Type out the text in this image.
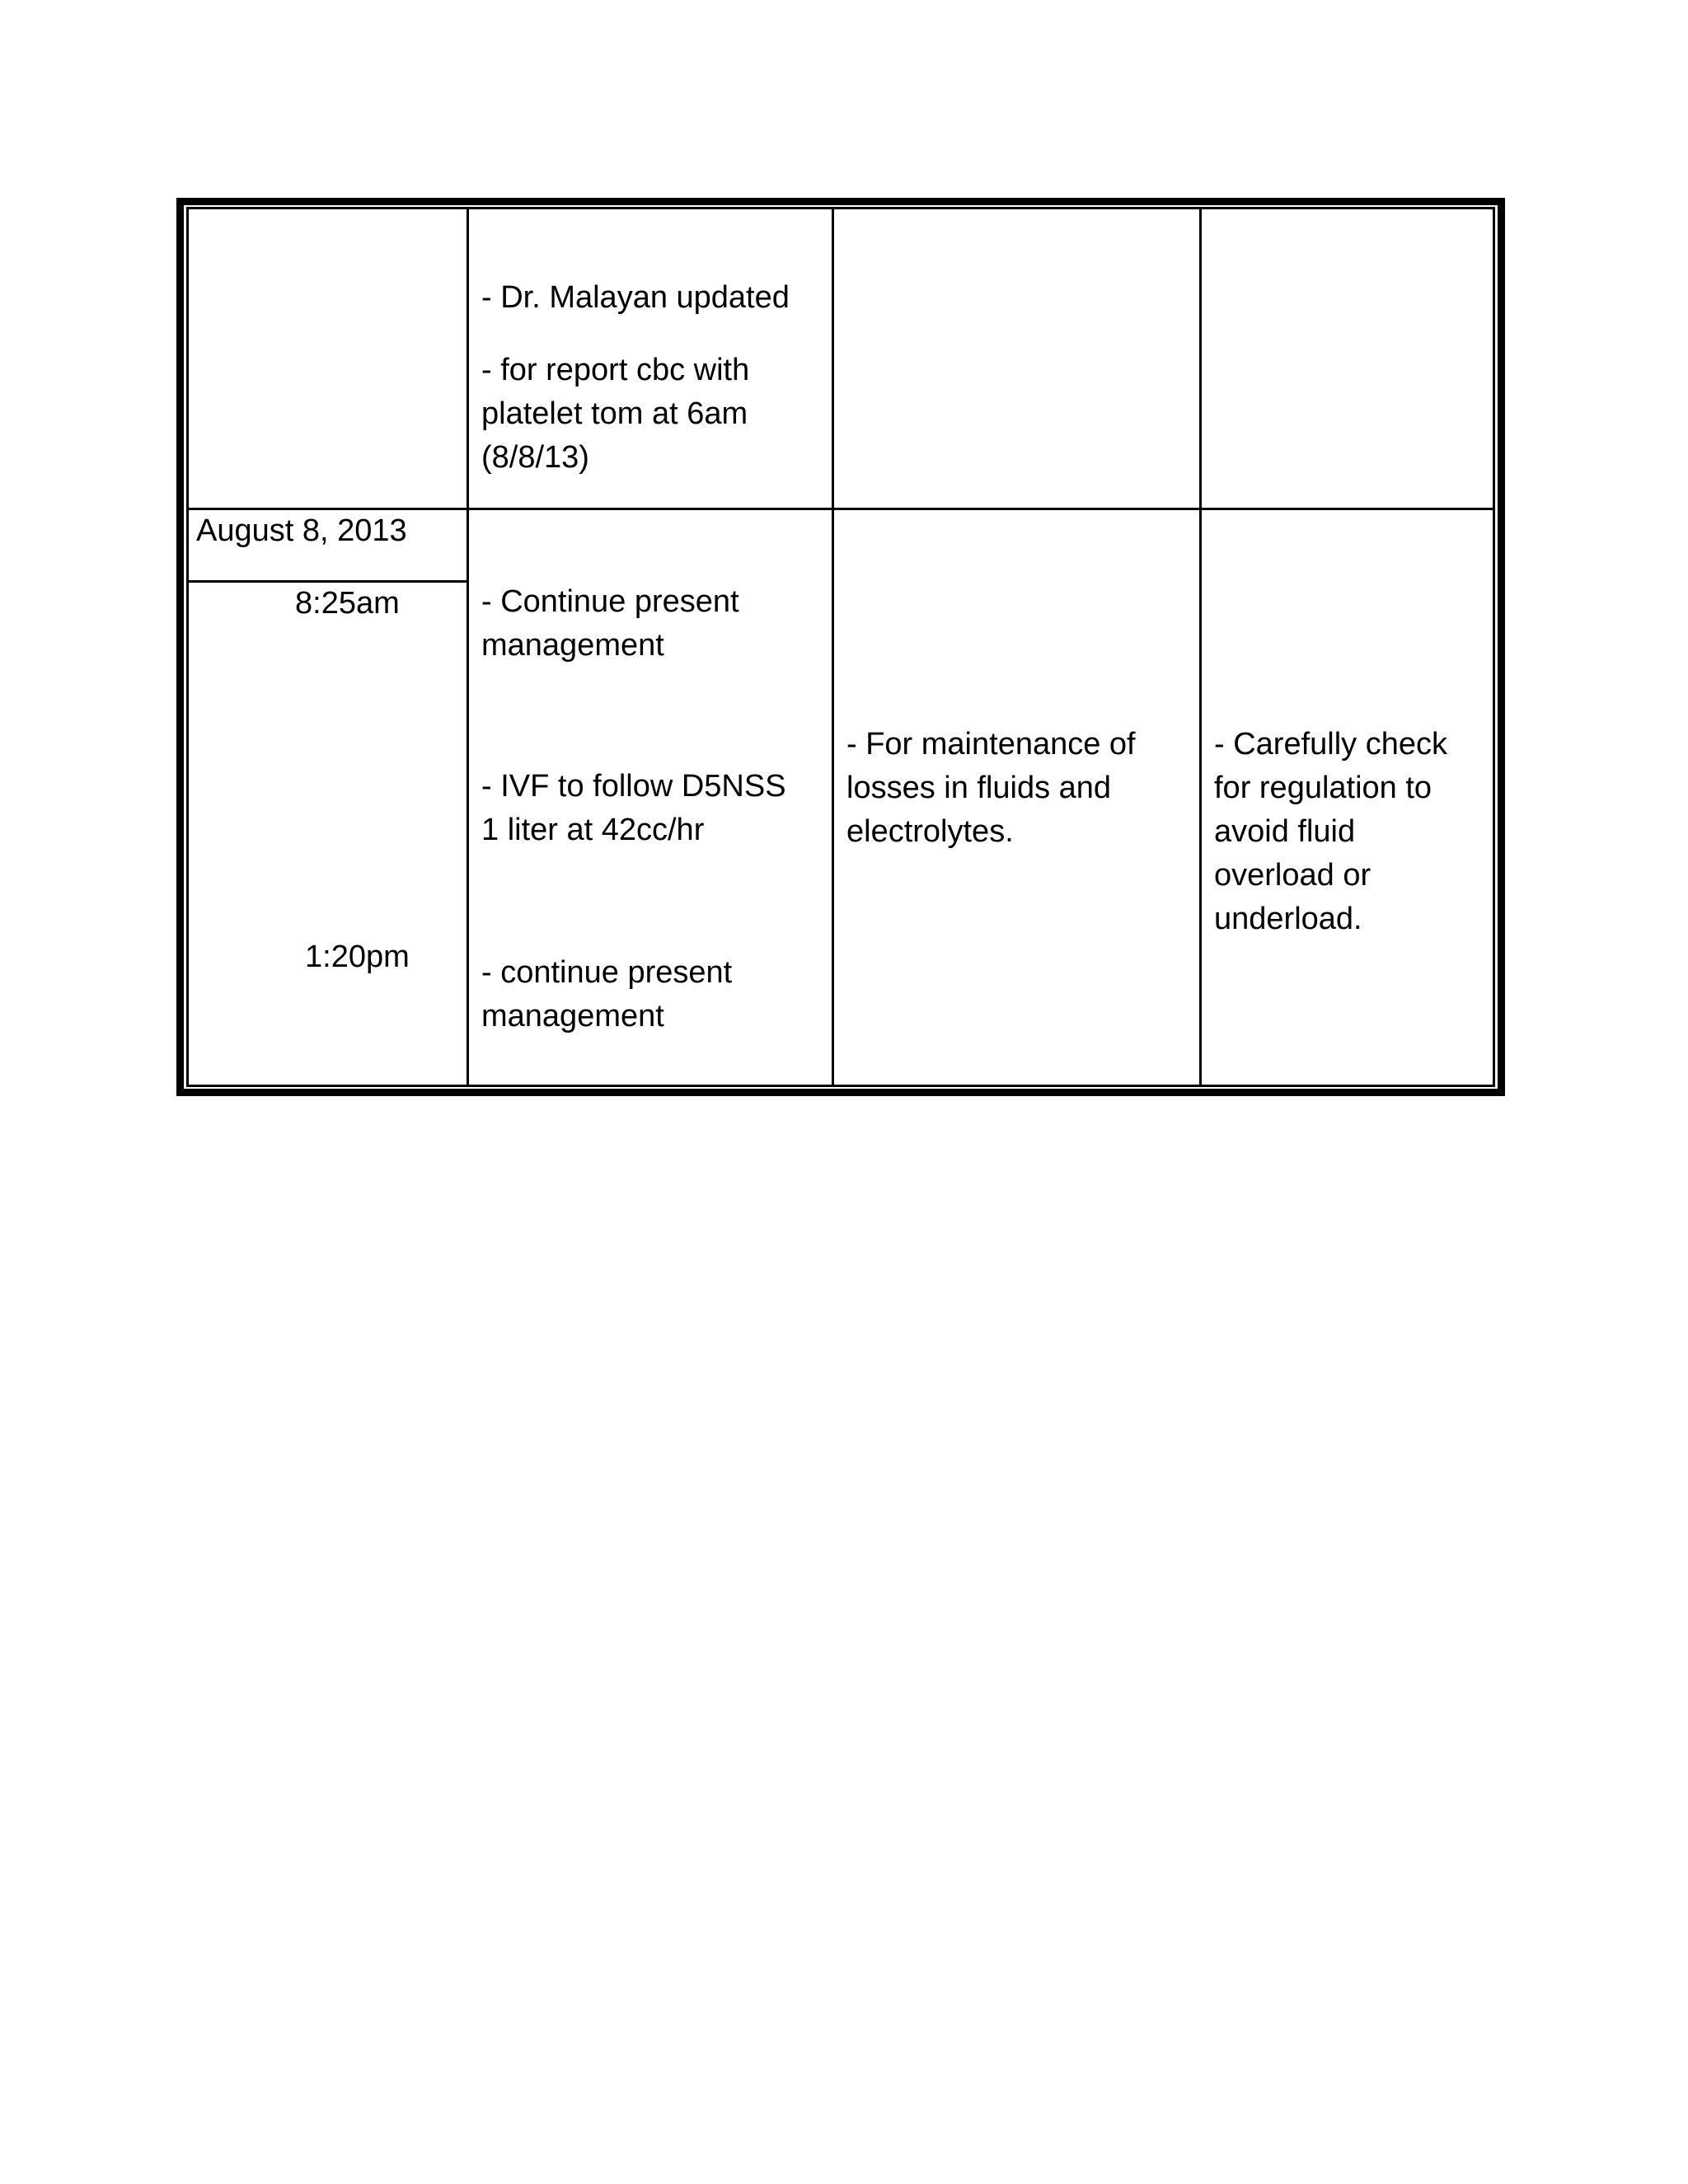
- Dr. Malayan updated
- for report cbc with
platelet tom at 6am
(8/8/13)
August 8, 2013
8:25am
1:20pm
- Continue present
management
- IVF to follow D5NSS
1 liter at 42cc/hr
- continue present
management
- For maintenance of
losses in fluids and
electrolytes.
- Carefully check
for regulation to
avoid fluid
overload or
underload.
